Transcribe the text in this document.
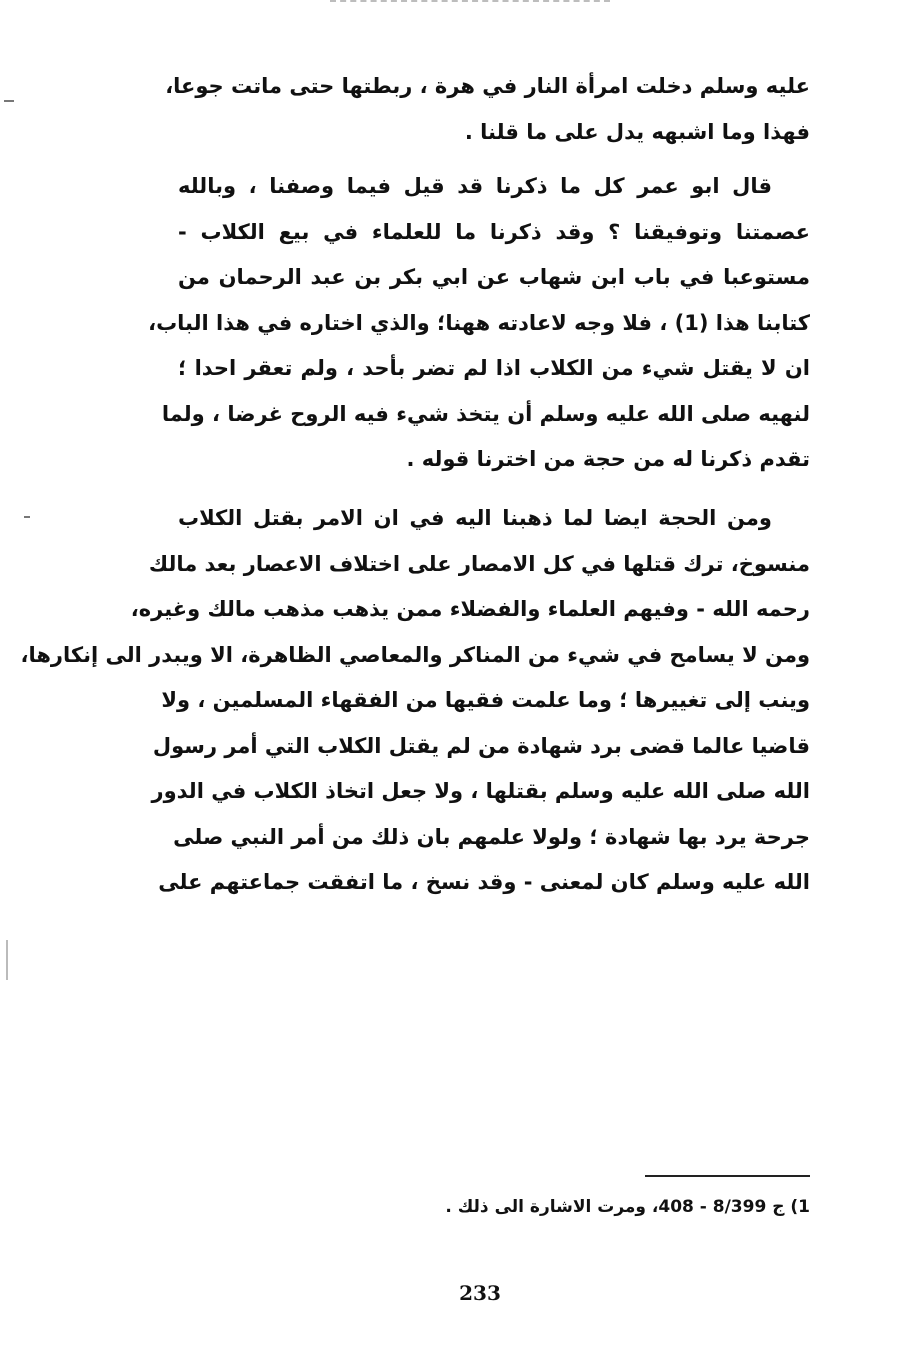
عليه وسلم دخلت امرأة النار في هرة ، ربطتها حتى ماتت جوعا،
فهذا وما اشبهه يدل على ما قلنا .
قال ابو عمر كل ما ذكرنا قد قيل فيما وصفنا ، وبالله
عصمتنا وتوفيقنا ؟ وقد ذكرنا ما للعلماء في بيع الكلاب -
مستوعبا في باب ابن شهاب عن ابي بكر بن عبد الرحمان من
كتابنا هذا (1) ، فلا وجه لاعادته ههنا؛ والذي اختاره في هذا الباب،
ان لا يقتل شيء من الكلاب اذا لم تضر بأحد ، ولم تعقر احدا ؛
لنهيه صلى الله عليه وسلم أن يتخذ شيء فيه الروح غرضا ، ولما
تقدم ذكرنا له من حجة من اخترنا قوله .
ومن الحجة ايضا لما ذهبنا اليه في ان الامر بقتل الكلاب
منسوخ، ترك قتلها في كل الامصار على اختلاف الاعصار بعد مالك
رحمه الله - وفيهم العلماء والفضلاء ممن يذهب مذهب مالك وغيره،
ومن لا يسامح في شيء من المناكر والمعاصي الظاهرة، الا ويبدر الى إنكارها،
وينب إلى تغييرها ؛ وما علمت فقيها من الفقهاء المسلمين ، ولا
قاضيا عالما قضى برد شهادة من لم يقتل الكلاب التي أمر رسول
الله صلى الله عليه وسلم بقتلها ، ولا جعل اتخاذ الكلاب في الدور
جرحة يرد بها شهادة ؛ ولولا علمهم بان ذلك من أمر النبي صلى
الله عليه وسلم كان لمعنى - وقد نسخ ، ما اتفقت جماعتهم على
1) ج 8/399 - 408، ومرت الاشارة الى ذلك .
233
